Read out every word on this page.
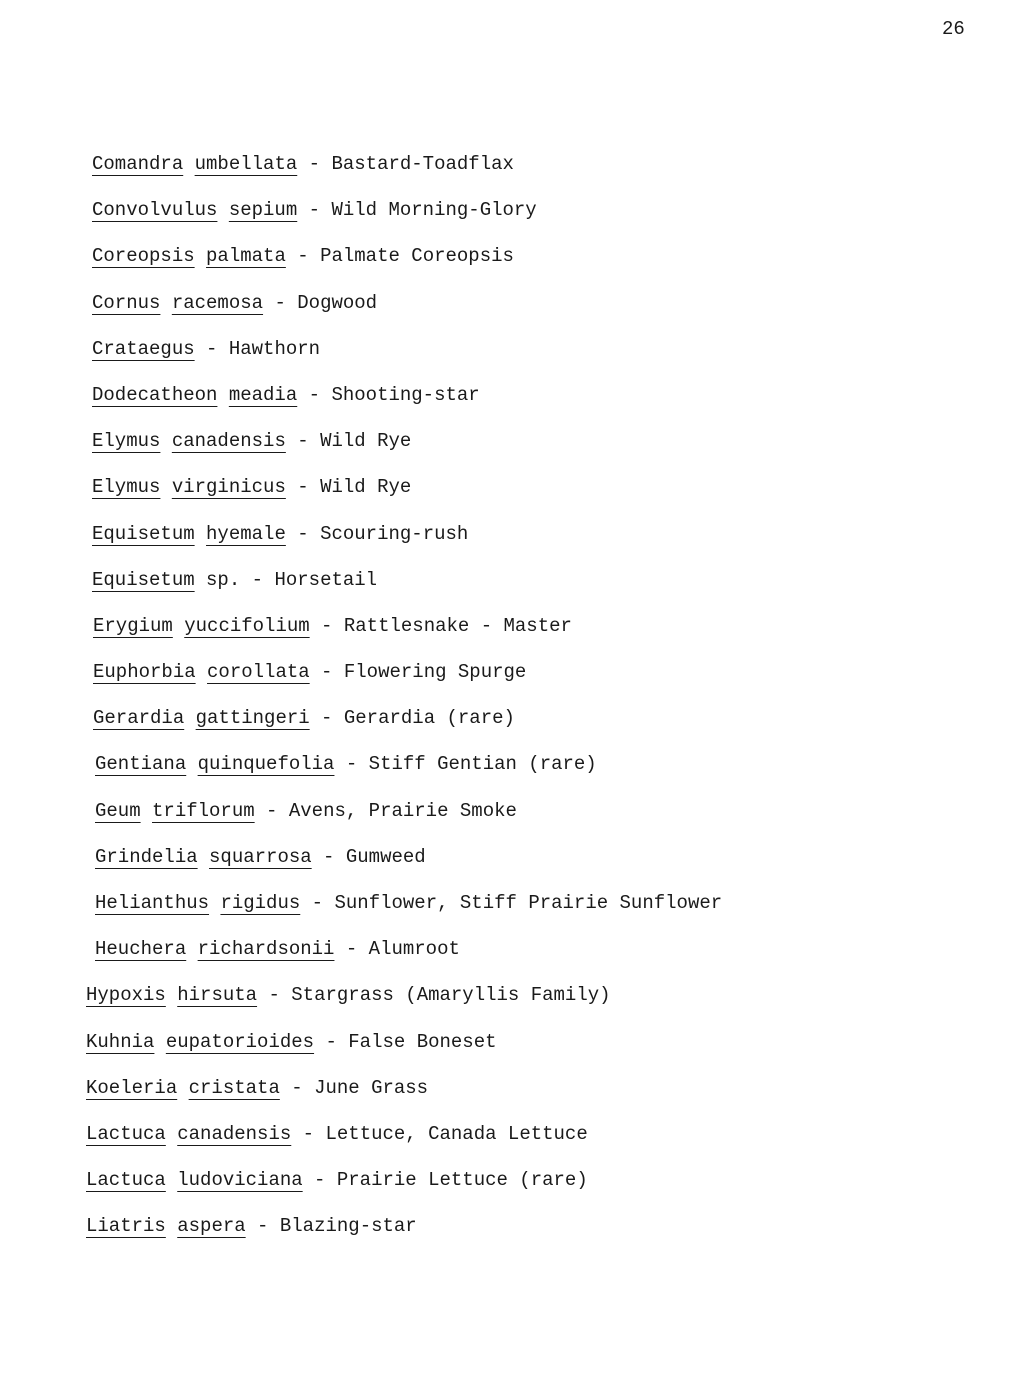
26
Comandra umbellata - Bastard-Toadflax
Convolvulus sepium - Wild Morning-Glory
Coreopsis palmata - Palmate Coreopsis
Cornus racemosa - Dogwood
Crataegus - Hawthorn
Dodecatheon meadia - Shooting-star
Elymus canadensis - Wild Rye
Elymus virginicus - Wild Rye
Equisetum hyemale - Scouring-rush
Equisetum sp. - Horsetail
Erygium yuccifolium - Rattlesnake - Master
Euphorbia corollata - Flowering Spurge
Gerardia gattingeri - Gerardia (rare)
Gentiana quinquefolia - Stiff Gentian (rare)
Geum triflorum - Avens, Prairie Smoke
Grindelia squarrosa - Gumweed
Helianthus rigidus - Sunflower, Stiff Prairie Sunflower
Heuchera richardsonii - Alumroot
Hypoxis hirsuta - Stargrass (Amaryllis Family)
Kuhnia eupatorioides - False Boneset
Koeleria cristata - June Grass
Lactuca canadensis - Lettuce, Canada Lettuce
Lactuca ludoviciana - Prairie Lettuce (rare)
Liatris aspera - Blazing-star
